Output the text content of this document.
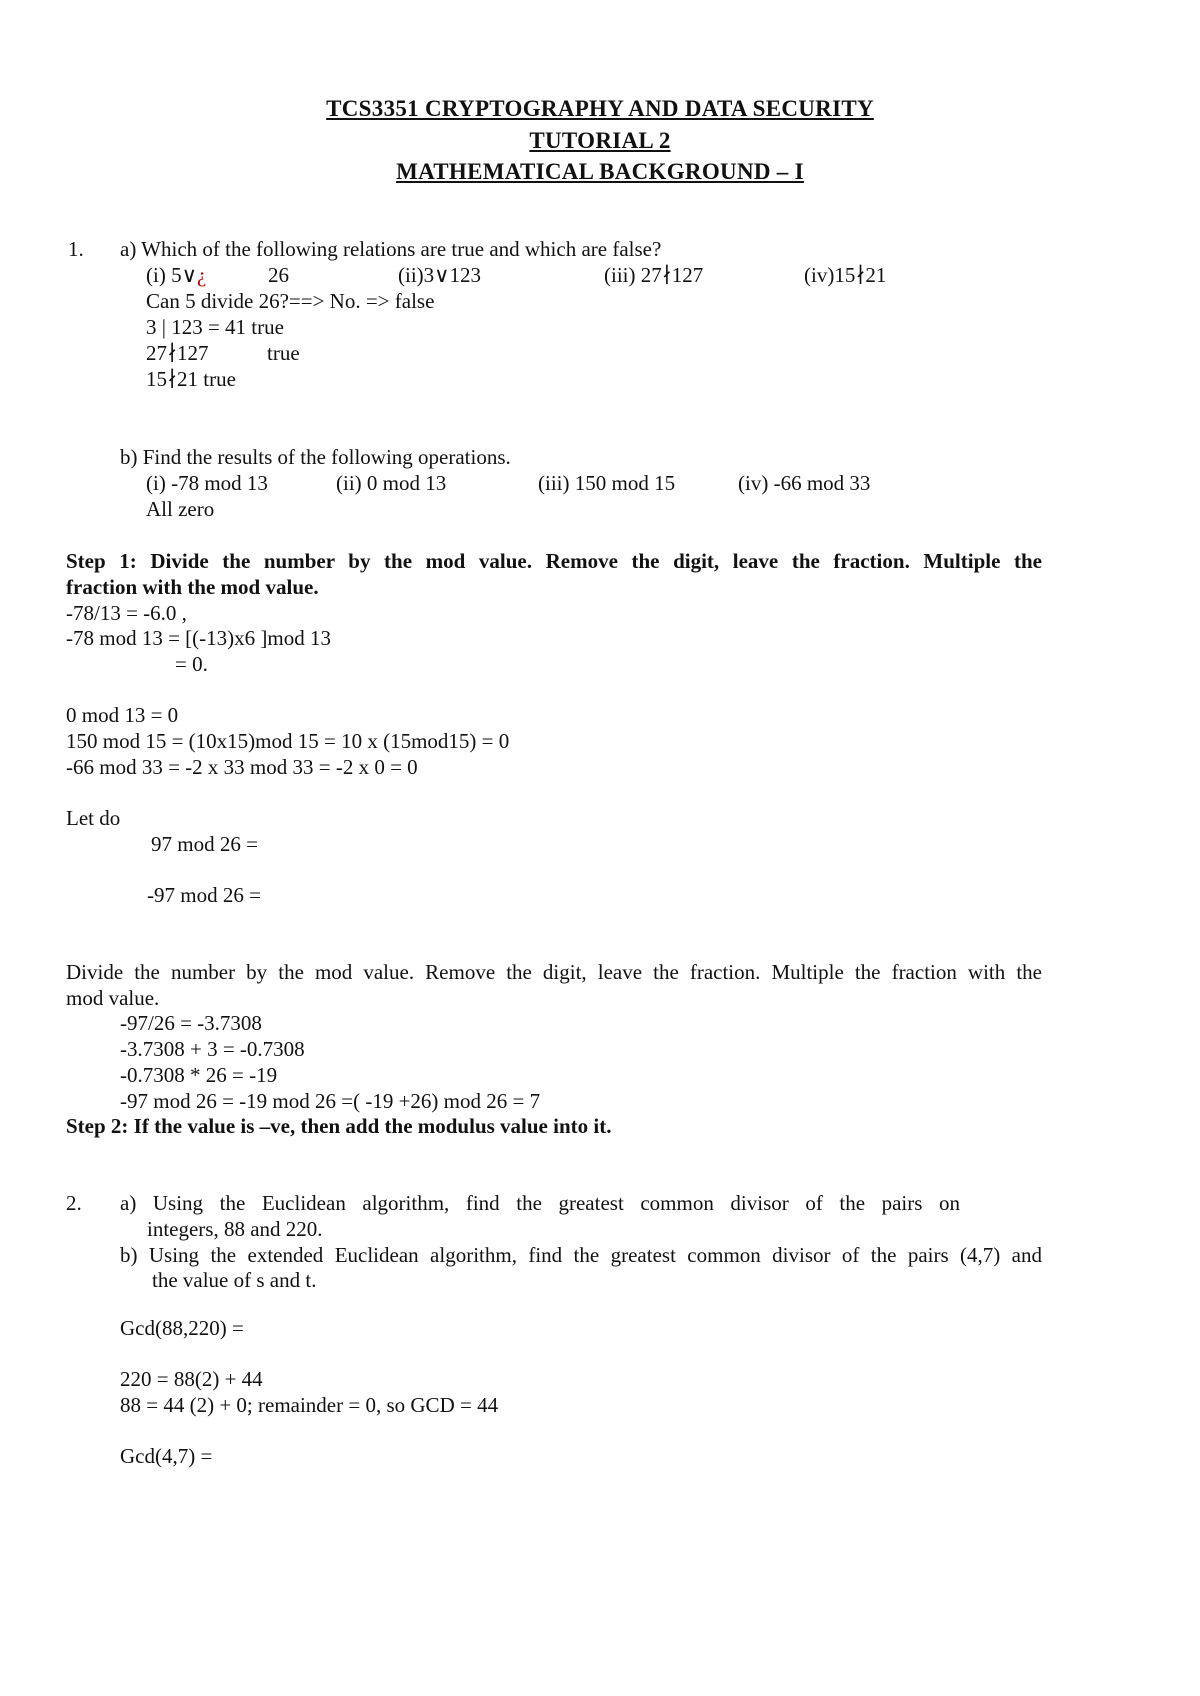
TCS3351 CRYPTOGRAPHY AND DATA SECURITY
TUTORIAL 2
MATHEMATICAL BACKGROUND – I
1. a) Which of the following relations are true and which are false?
(i) 5∨¿	26	(ii)3∨123	(iii) 27∤127	(iv)15∤21
Can 5 divide 26?==> No. => false
3 | 123 = 41 true
27∤127	true
15∤21 true
b) Find the results of the following operations.
(i) -78 mod 13	(ii) 0 mod 13	(iii) 150 mod 15	(iv) -66 mod 33
All zero
Step 1: Divide the number by the mod value. Remove the digit, leave the fraction. Multiple the
fraction with the mod value.
-78/13 = -6.0 ,
-78 mod 13 = [(-13)x6 ]mod 13
= 0.
0 mod 13 = 0
150 mod 15 = (10x15)mod 15 = 10 x (15mod15) = 0
-66 mod 33 = -2 x 33 mod 33 = -2 x 0 = 0
Let do
97 mod 26 =
-97 mod 26 =
Divide the number by the mod value. Remove the digit, leave the fraction. Multiple the fraction with the
mod value.
-97/26 = -3.7308
-3.7308 + 3 = -0.7308
-0.7308 * 26 = -19
-97 mod 26 = -19 mod 26 =( -19 +26) mod 26 = 7
Step 2: If the value is –ve, then add the modulus value into it.
2. a) Using the Euclidean algorithm, find the greatest common divisor of the pairs on
integers, 88 and 220.
b) Using the extended Euclidean algorithm, find the greatest common divisor of the pairs (4,7) and
the value of s and t.
Gcd(88,220) =
220 = 88(2) + 44
88 = 44 (2) + 0; remainder = 0, so GCD = 44
Gcd(4,7) =
